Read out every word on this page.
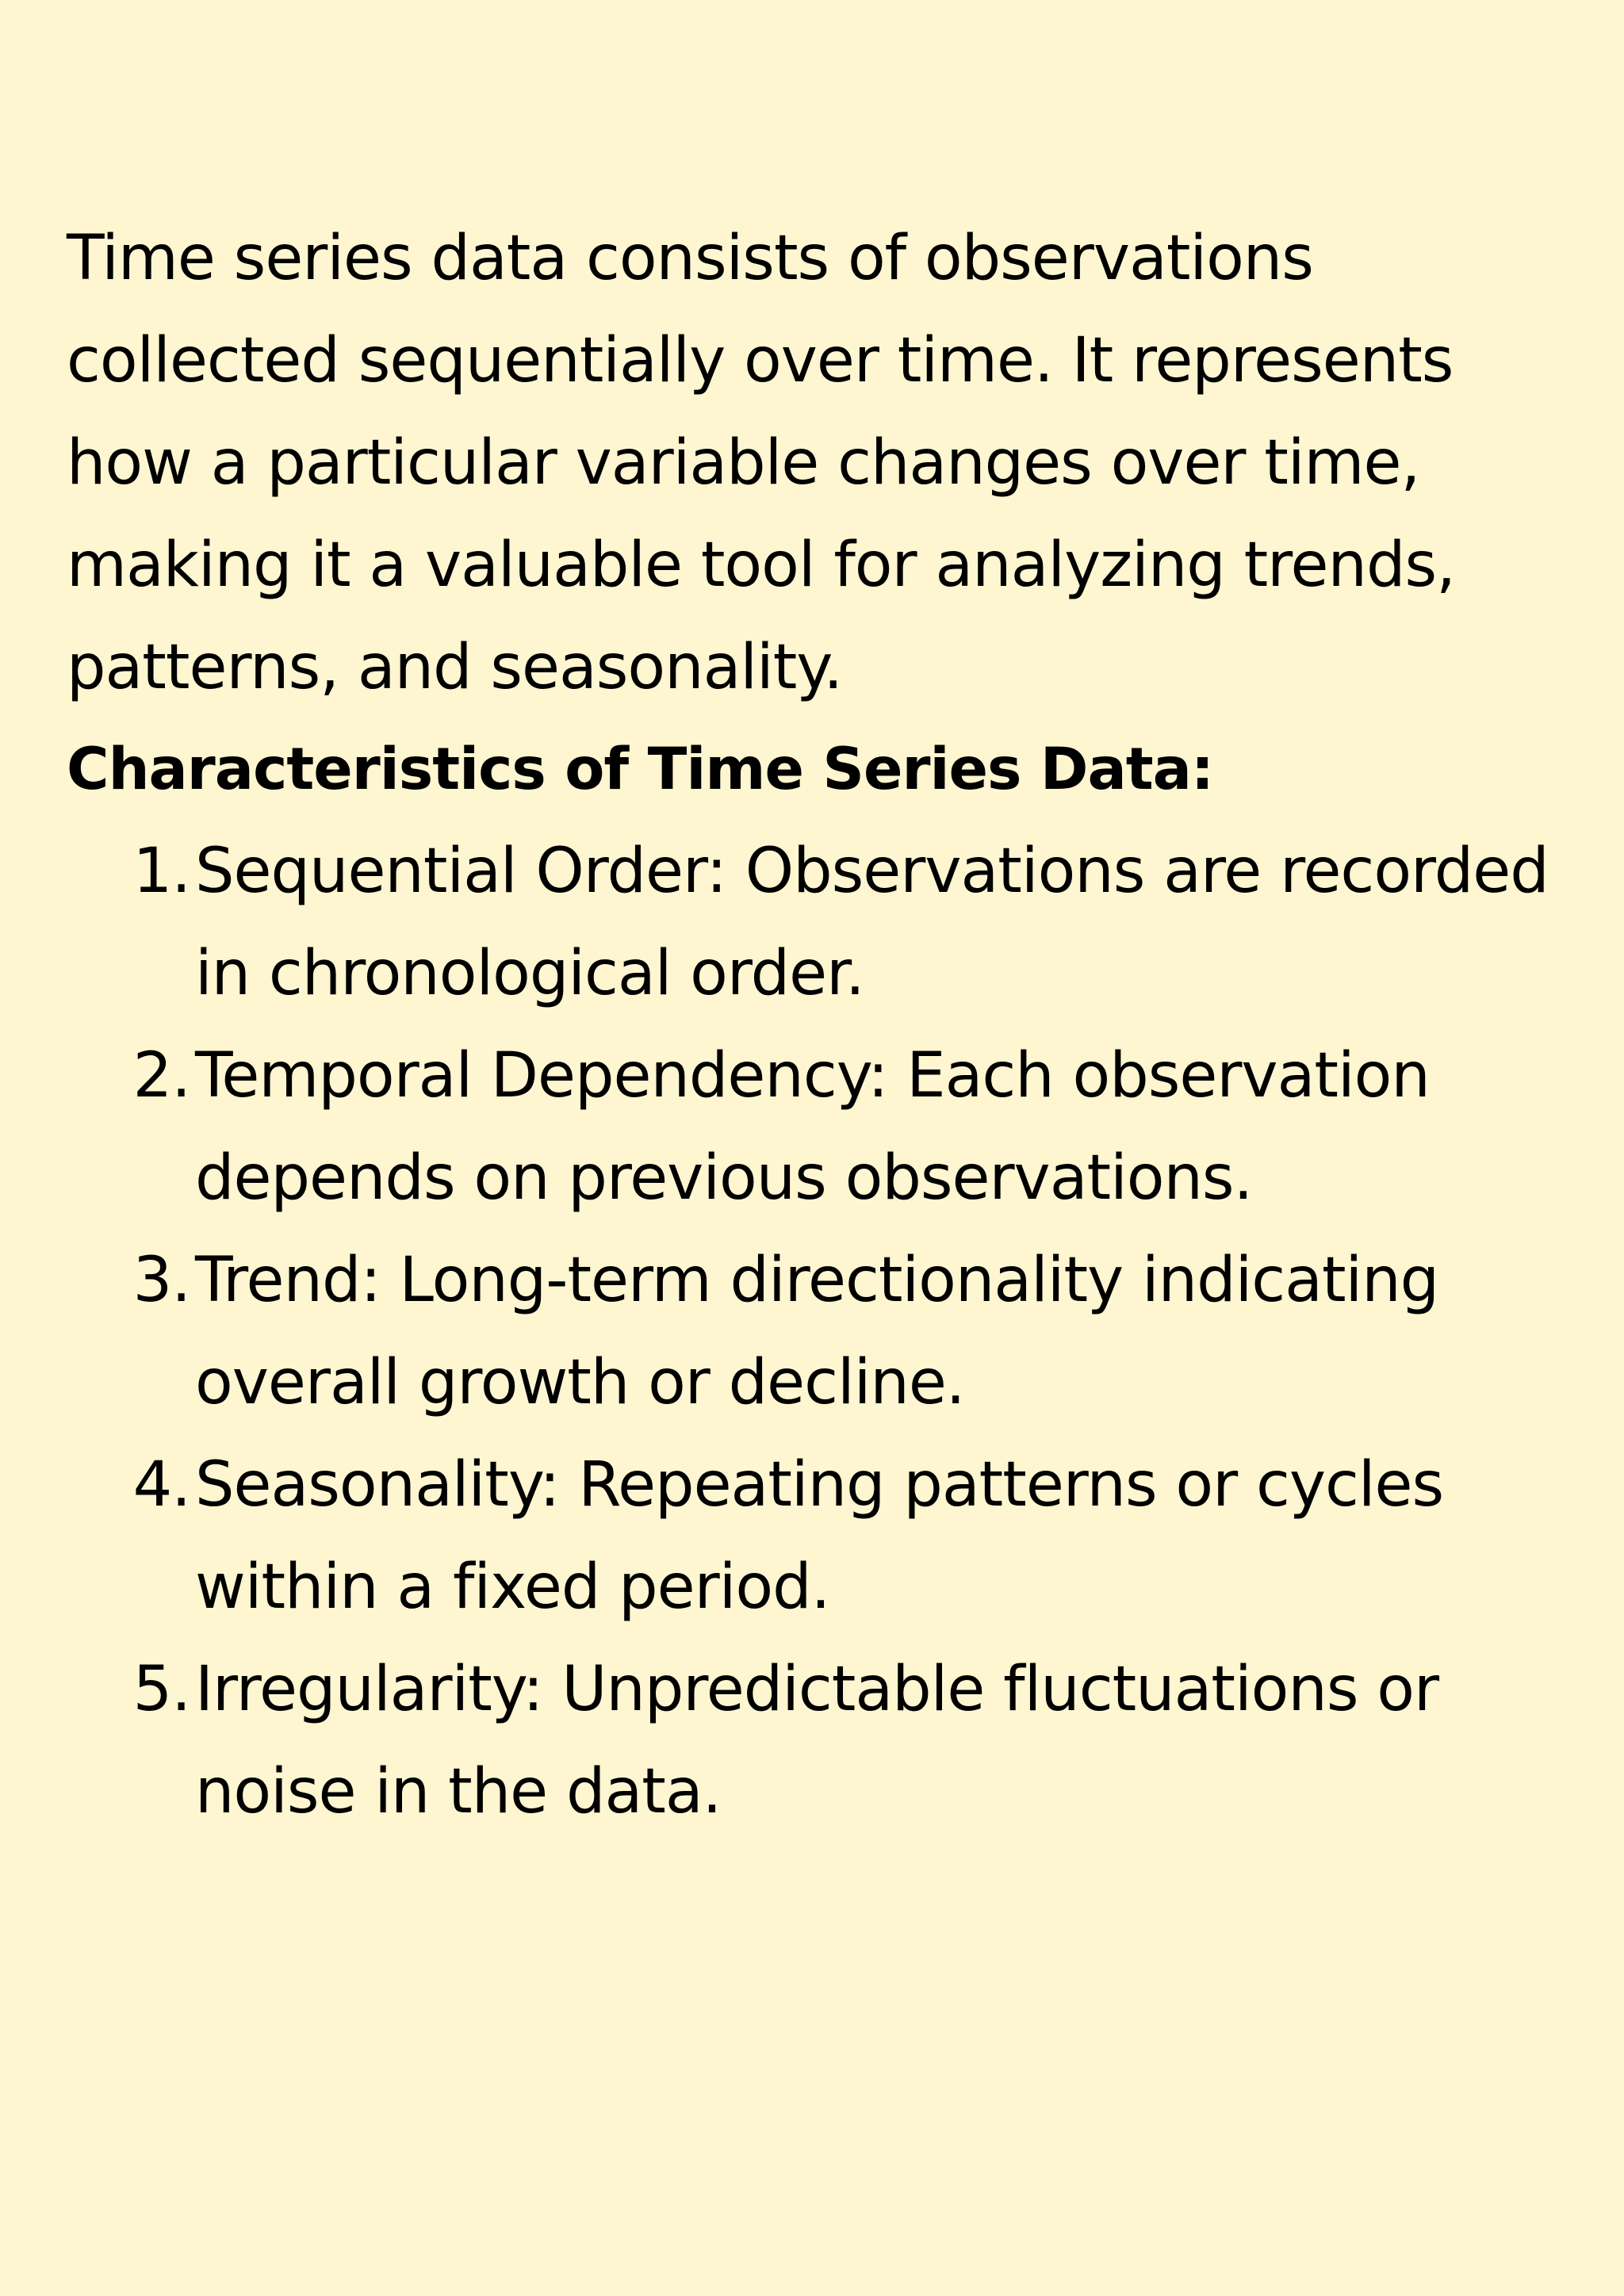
Time series data consists of observations collected sequentially over time. It represents how a particular variable changes over time, making it a valuable tool for analyzing trends, patterns, and seasonality.

Characteristics of Time Series Data:
1. Sequential Order: Observations are recorded in chronological order.
2. Temporal Dependency: Each observation depends on previous observations.
3. Trend: Long-term directionality indicating overall growth or decline.
4. Seasonality: Repeating patterns or cycles within a fixed period.
5. Irregularity: Unpredictable fluctuations or noise in the data.
